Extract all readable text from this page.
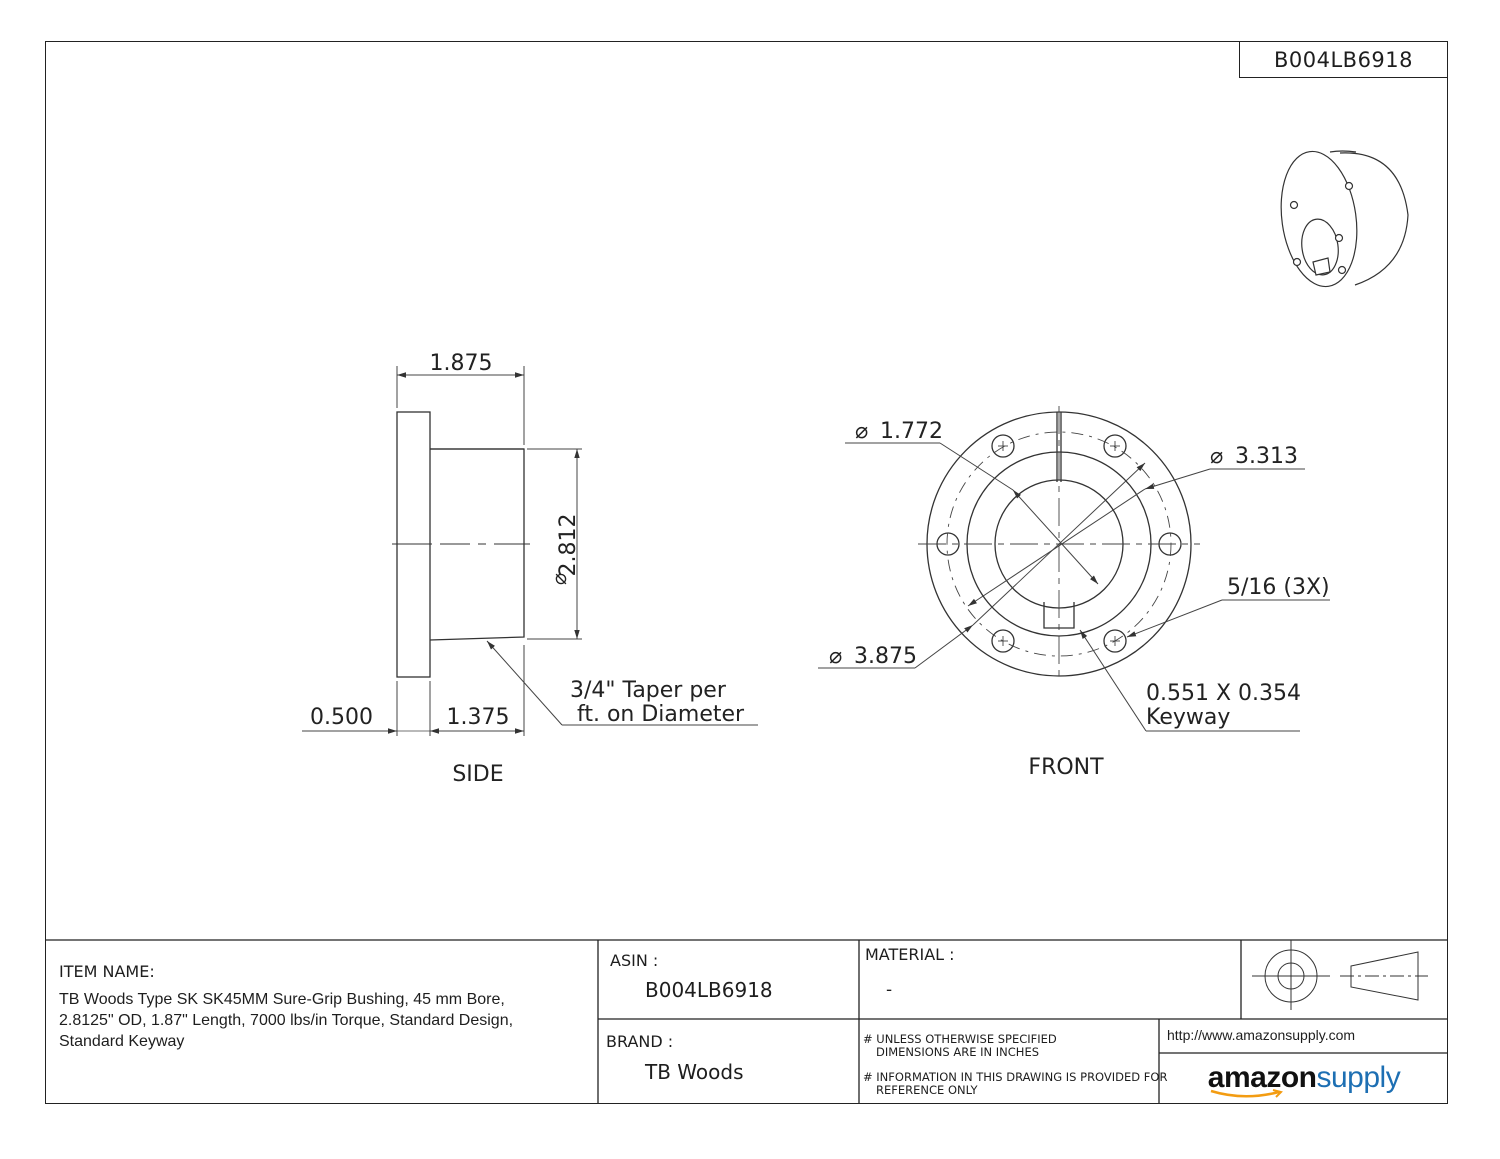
B004LB6918
1.875
2.812
⌀
0.500	1.375
3/4" Taper per
ft. on Diameter
SIDE
⌀ 1.772
⌀ 3.313
⌀ 3.875
5/16 (3X)
0.551 X 0.354
Keyway
FRONT
ITEM NAME:
TB Woods Type SK SK45MM Sure-Grip Bushing, 45 mm Bore, 2.8125" OD, 1.87" Length, 7000 lbs/in Torque, Standard Design, Standard Keyway
ASIN :
B004LB6918
MATERIAL :
-
BRAND :
TB Woods
# UNLESS OTHERWISE SPECIFIED
DIMENSIONS ARE IN INCHES
# INFORMATION IN THIS DRAWING IS PROVIDED FOR
REFERENCE ONLY
http://www.amazonsupply.com
amazonsupply
